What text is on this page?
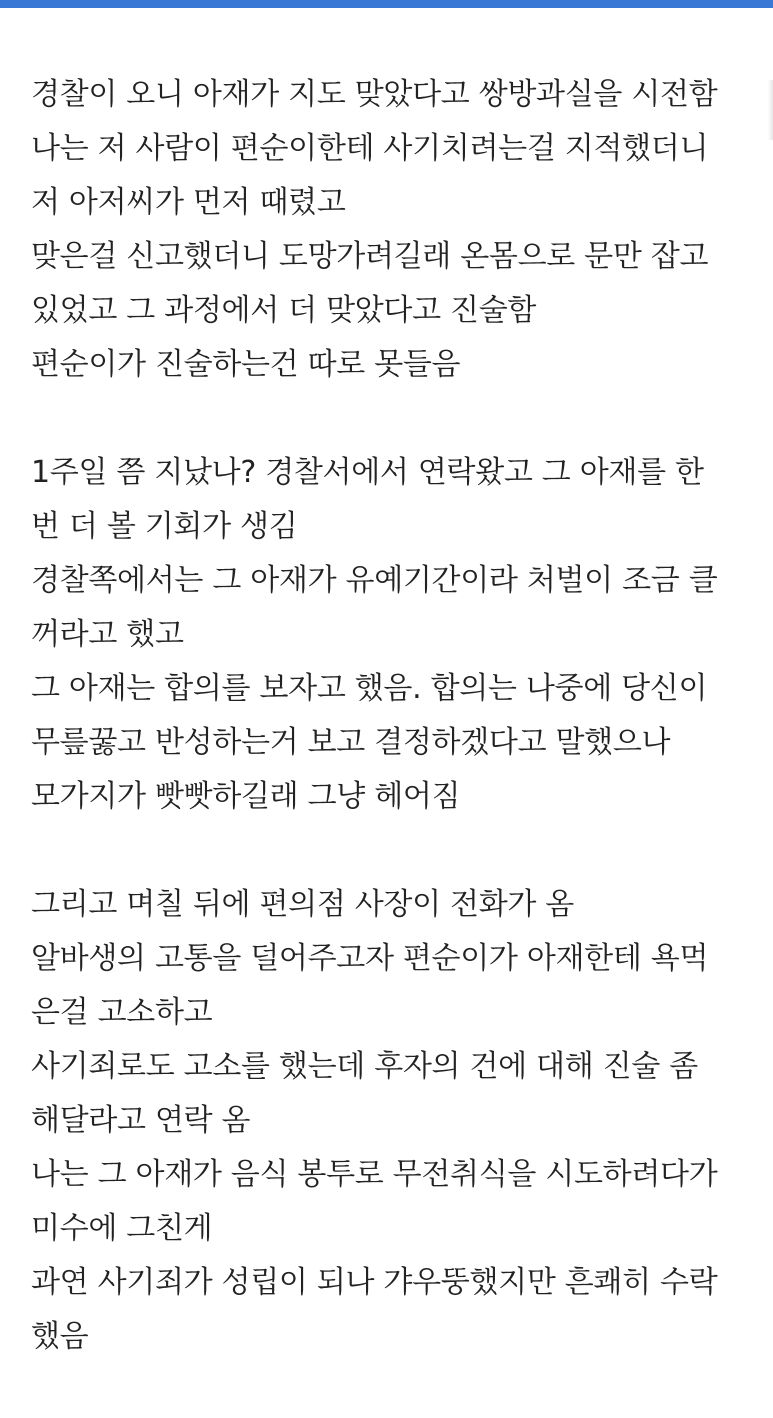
경찰이 오니 아재가 지도 맞았다고 쌍방과실을 시전함
나는 저 사람이 편순이한테 사기치려는걸 지적했더니
저 아저씨가 먼저 때렸고
맞은걸 신고했더니 도망가려길래 온몸으로 문만 잡고
있었고 그 과정에서 더 맞았다고 진술함
편순이가 진술하는건 따로 못들음
1주일 쯤 지났나? 경찰서에서 연락왔고 그 아재를 한
번 더 볼 기회가 생김
경찰쪽에서는 그 아재가 유예기간이라 처벌이 조금 클
꺼라고 했고
그 아재는 합의를 보자고 했음. 합의는 나중에 당신이
무릎꿇고 반성하는거 보고 결정하겠다고 말했으나
모가지가 빳빳하길래 그냥 헤어짐
그리고 며칠 뒤에 편의점 사장이 전화가 옴
알바생의 고통을 덜어주고자 편순이가 아재한테 욕먹
은걸 고소하고
사기죄로도 고소를 했는데 후자의 건에 대해 진술 좀
해달라고 연락 옴
나는 그 아재가 음식 봉투로 무전취식을 시도하려다가
미수에 그친게
과연 사기죄가 성립이 되나 갸우뚱했지만 흔쾌히 수락
했음
